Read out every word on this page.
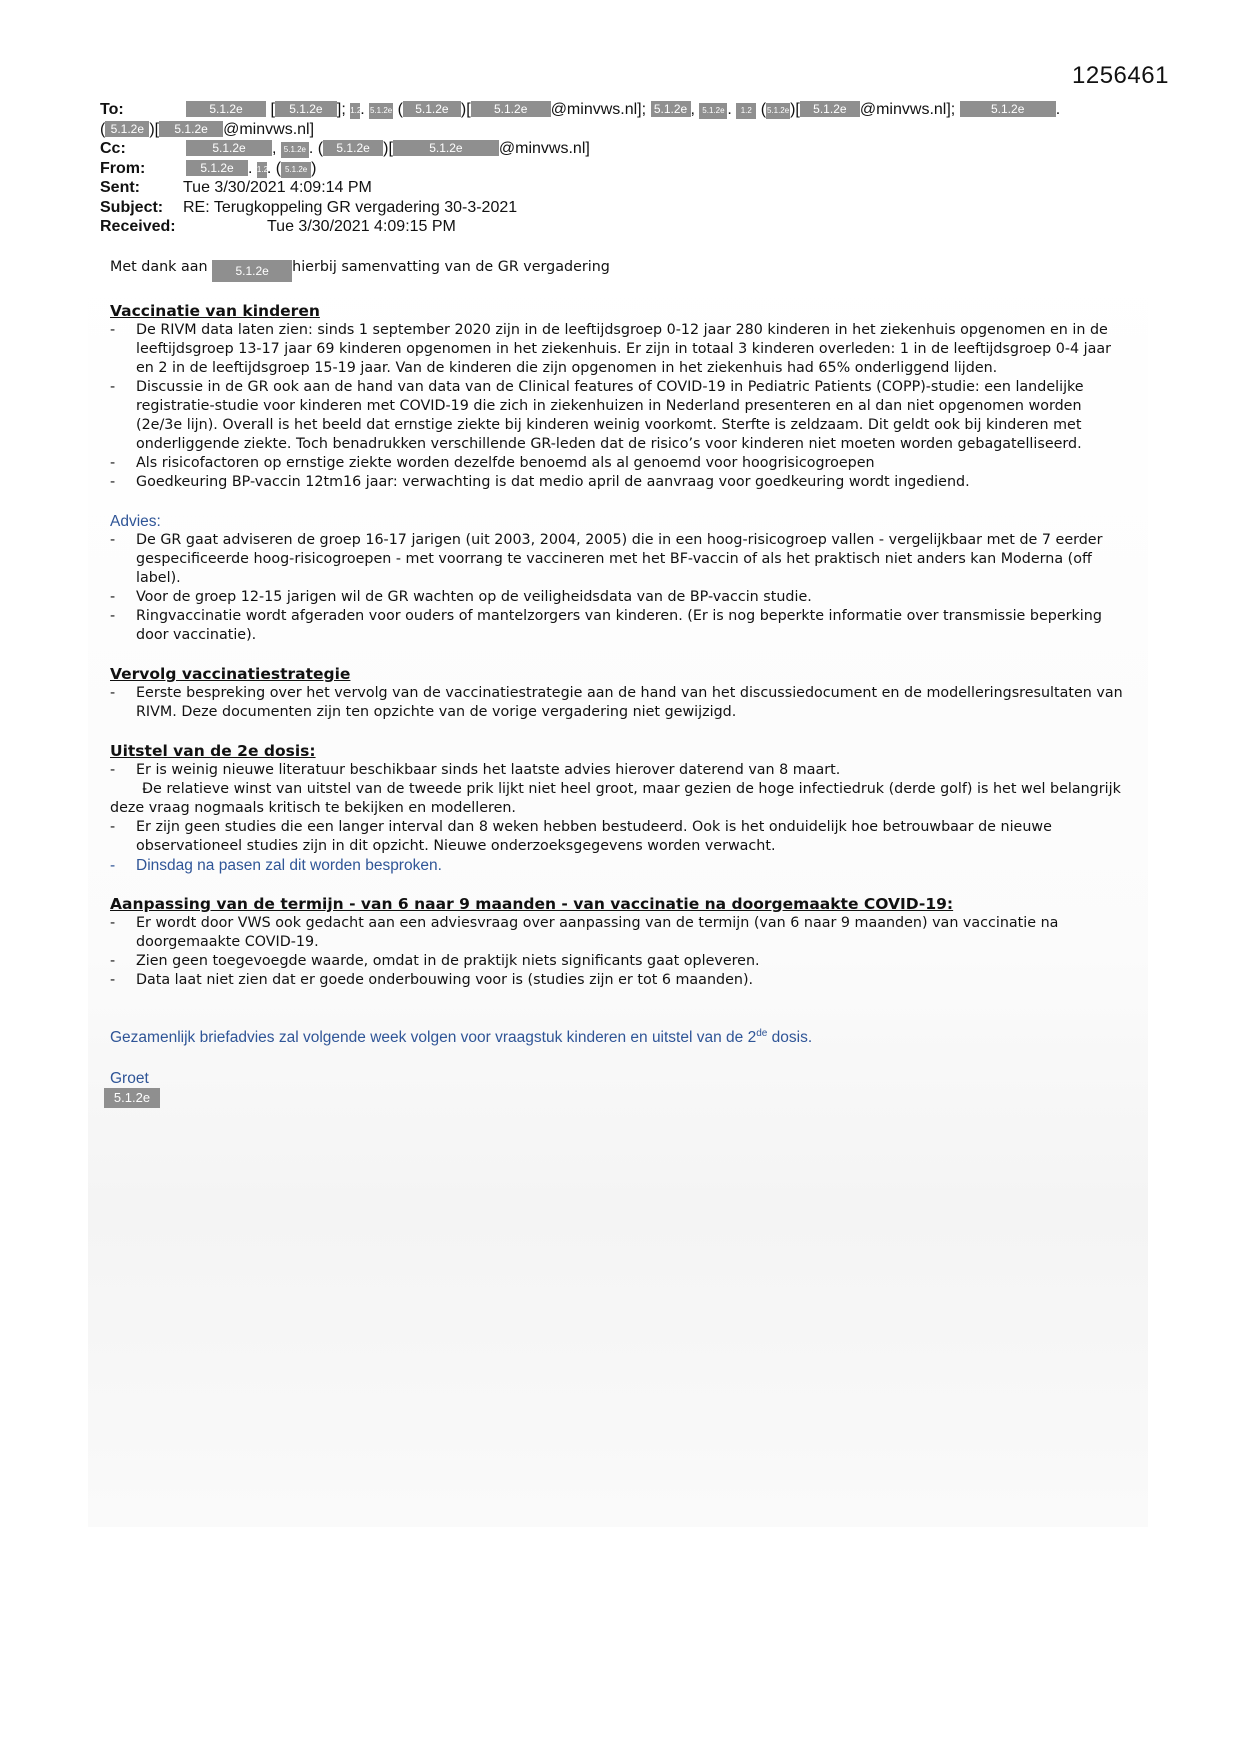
1256461
To:	5.1.2e [ 5.1.2e ]; 1.2. 5.1.2e ( 5.1.2e )[ 5.1.2e @minvws.nl]; 5.1.2e , 5.1.2e . 1.2 (5.1.2e)[ 5.1.2e @minvws.nl];	5.1.2e .
( 5.1.2e )[ 5.1.2e @minvws.nl]
Cc:	5.1.2e , 5.1.2e . ( 5.1.2e )[	5.1.2e @minvws.nl]
From:	5.1.2e . 1.2. ( 5.1.2e )
Sent:	Tue 3/30/2021 4:09:14 PM
Subject: RE: Terugkoppeling GR vergadering 30-3-2021
Received:	Tue 3/30/2021 4:09:15 PM

Met dank aan 5.1.2e hierbij samenvatting van de GR vergadering

Vaccinatie van kinderen

- De RIVM data laten zien: sinds 1 september 2020 zijn in de leeftijdsgroep 0-12 jaar 280 kinderen in het ziekenhuis opgenomen en in de leeftijdsgroep 13-17 jaar 69 kinderen opgenomen in het ziekenhuis. Er zijn in totaal 3 kinderen overleden: 1 in de leeftijdsgroep 0-4 jaar en 2 in de leeftijdsgroep 15-19 jaar. Van de kinderen die zijn opgenomen in het ziekenhuis had 65% onderliggend lijden.
- Discussie in de GR ook aan de hand van data van de Clinical features of COVID-19 in Pediatric Patients (COPP)-studie: een landelijke registratie-studie voor kinderen met COVID-19 die zich in ziekenhuizen in Nederland presenteren en al dan niet opgenomen worden (2e/3e lijn). Overall is het beeld dat ernstige ziekte bij kinderen weinig voorkomt. Sterfte is zeldzaam. Dit geldt ook bij kinderen met onderliggende ziekte. Toch benadrukken verschillende GR-leden dat de risico’s voor kinderen niet moeten worden gebagatelliseerd.
- Als risicofactoren op ernstige ziekte worden dezelfde benoemd als al genoemd voor hoogrisicogroepen
- Goedkeuring BP-vaccin 12tm16 jaar: verwachting is dat medio april de aanvraag voor goedkeuring wordt ingediend.

Advies:

- De GR gaat adviseren de groep 16-17 jarigen (uit 2003, 2004, 2005) die in een hoog-risicogroep vallen - vergelijkbaar met de 7 eerder gespecificeerde hoog-risicogroepen - met voorrang te vaccineren met het BF-vaccin of als het praktisch niet anders kan Moderna (off label).
- Voor de groep 12-15 jarigen wil de GR wachten op de veiligheidsdata van de BP-vaccin studie.
- Ringvaccinatie wordt afgeraden voor ouders of mantelzorgers van kinderen. (Er is nog beperkte informatie over transmissie beperking door vaccinatie).

Vervolg vaccinatiestrategie

- Eerste bespreking over het vervolg van de vaccinatiestrategie aan de hand van het discussiedocument en de modelleringsresultaten van RIVM. Deze documenten zijn ten opzichte van de vorige vergadering niet gewijzigd.

Uitstel van de 2e dosis:

- Er is weinig nieuwe literatuur beschikbaar sinds het laatste advies hierover daterend van 8 maart.
- De relatieve winst van uitstel van de tweede prik lijkt niet heel groot, maar gezien de hoge infectiedruk (derde golf) is het wel belangrijk deze vraag nogmaals kritisch te bekijken en modelleren.
- Er zijn geen studies die een langer interval dan 8 weken hebben bestudeerd. Ook is het onduidelijk hoe betrouwbaar de nieuwe observationeel studies zijn in dit opzicht. Nieuwe onderzoeksgegevens worden verwacht.
- Dinsdag na pasen zal dit worden besproken.

Aanpassing van de termijn - van 6 naar 9 maanden - van vaccinatie na doorgemaakte COVID-19:

- Er wordt door VWS ook gedacht aan een adviesvraag over aanpassing van de termijn (van 6 naar 9 maanden) van vaccinatie na doorgemaakte COVID-19.
- Zien geen toegevoegde waarde, omdat in de praktijk niets significants gaat opleveren.
- Data laat niet zien dat er goede onderbouwing voor is (studies zijn er tot 6 maanden).

Gezamenlijk briefadvies zal volgende week volgen voor vraagstuk kinderen en uitstel van de 2de dosis.

Groet

5.1.2e
